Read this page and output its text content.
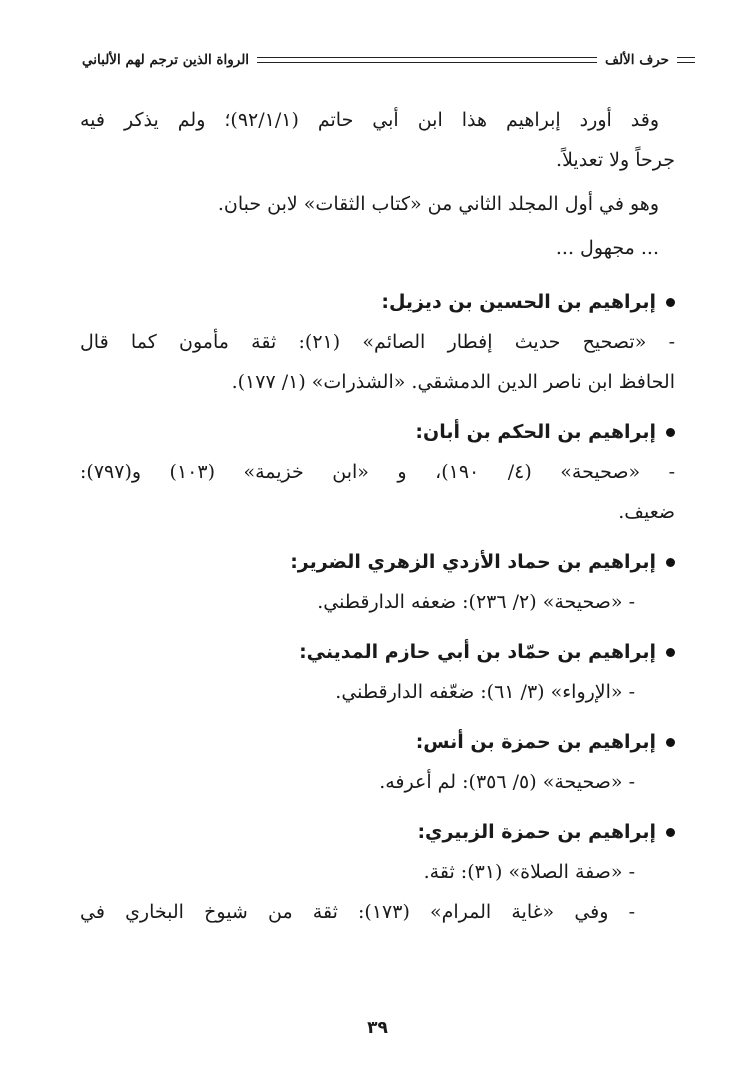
حرف الألف
الرواة الذين ترجم لهم الألباني
وقد أورد إبراهيم هذا ابن أبي حاتم (٩٢/١/١)؛ ولم يذكر فيه
جرحاً ولا تعديلاً.
وهو في أول المجلد الثاني من «كتاب الثقات» لابن حبان.
... مجهول ...
إبراهيم بن الحسين بن ديزيل:
- «تصحيح حديث إفطار الصائم» (٢١): ثقة مأمون كما قال
الحافظ ابن ناصر الدين الدمشقي. «الشذرات» (١/ ١٧٧).
إبراهيم بن الحكم بن أبان:
- «صحيحة» (٤/ ١٩٠)، و «ابن خزيمة» (١٠٣) و(٧٩٧):
ضعيف.
إبراهيم بن حماد الأزدي الزهري الضرير:
- «صحيحة» (٢/ ٢٣٦): ضعفه الدارقطني.
إبراهيم بن حمّاد بن أبي حازم المديني:
- «الإرواء» (٣/ ٦١): ضعّفه الدارقطني.
إبراهيم بن حمزة بن أنس:
- «صحيحة» (٥/ ٣٥٦): لم أعرفه.
إبراهيم بن حمزة الزبيري:
- «صفة الصلاة» (٣١): ثقة.
- وفي «غاية المرام» (١٧٣): ثقة من شيوخ البخاري في
٣٩
